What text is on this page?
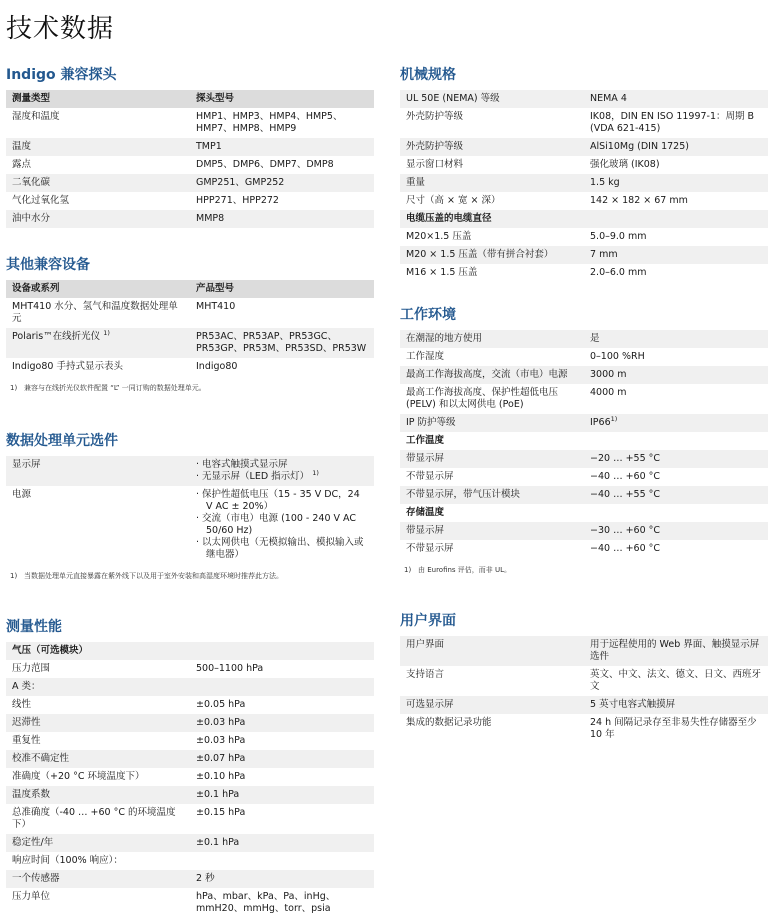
技术数据
Indigo 兼容探头
测量类型	探头型号
湿度和温度	HMP1、HMP3、HMP4、HMP5、HMP7、HMP8、HMP9
温度	TMP1
露点	DMP5、DMP6、DMP7、DMP8
二氧化碳	GMP251、GMP252
气化过氧化氢	HPP271、HPP272
油中水分	MMP8
其他兼容设备
设备或系列	产品型号
MHT410 水分、氢气和温度数据处理单元	MHT410
Polaris™在线折光仪 $^{1)}$	PR53AC、PR53AP、PR53GC、PR53GP、PR53M、PR53SD、PR53W
Indigo80 手持式显示表头	Indigo80
1) 兼容与在线折光仪软件配置 “L” 一同订购的数据处理单元。
数据处理单元选件
显示屏	· 电容式触摸式显示屏
· 无显示屏（LED 指示灯） $^{1)}$

电源	· 保护性超低电压（15 - 35 V DC，24 V AC ± 20%）
· 交流（市电）电源 (100 - 240 V AC 50/60 Hz)
· 以太网供电（无模拟输出、模拟输入或继电器）
1) 当数据处理单元直接暴露在紫外线下以及用于室外安装和高湿度环境时推荐此方法。
测量性能
气压（可选模块）	
压力范围	500–1100 hPa
A 类：	
线性	±0.05 hPa
迟滞性	±0.03 hPa
重复性	±0.03 hPa
校准不确定性	±0.07 hPa
准确度（+20 °C 环境温度下）	±0.10 hPa
温度系数	±0.1 hPa
总准确度（-40 … +60 °C 的环境温度下）	±0.15 hPa
稳定性/年	±0.1 hPa
响应时间（100% 响应）：	
一个传感器	2 秒
压力单位	hPa、mbar、kPa、Pa、inHg、mmH20、mmHg、torr、psia
机械规格
UL 50E (NEMA) 等级	NEMA 4
外壳防护等级	IK08，DIN EN ISO 11997-1：周期 B (VDA 621-415)
外壳防护等级	AlSi10Mg (DIN 1725)
显示窗口材料	强化玻璃 (IK08)
重量	1.5 kg
尺寸（高 × 宽 × 深）	142 × 182 × 67 mm
电缆压盖的电缆直径	
M20×1.5 压盖	5.0–9.0 mm
M20 × 1.5 压盖（带有拼合衬套）	7 mm
M16 × 1.5 压盖	2.0–6.0 mm
工作环境
在潮湿的地方使用	是
工作湿度	0–100 %RH
最高工作海拔高度，交流（市电）电源	3000 m
最高工作海拔高度、保护性超低电压 (PELV) 和以太网供电 (PoE)	4000 m
IP 防护等级	IP66$^{1)}$
工作温度	
带显示屏	−20 … +55 °C
不带显示屏	−40 … +60 °C
不带显示屏，带气压计模块	−40 … +55 °C
存储温度	
带显示屏	−30 … +60 °C
不带显示屏	−40 … +60 °C
1) 由 Eurofins 评估，而非 UL。
用户界面
用户界面	用于远程使用的 Web 界面、触摸显示屏选件
支持语言	英文、中文、法文、德文、日文、西班牙文
可选显示屏	5 英寸电容式触摸屏
集成的数据记录功能	24 h 间隔记录存至非易失性存储器至少 10 年
